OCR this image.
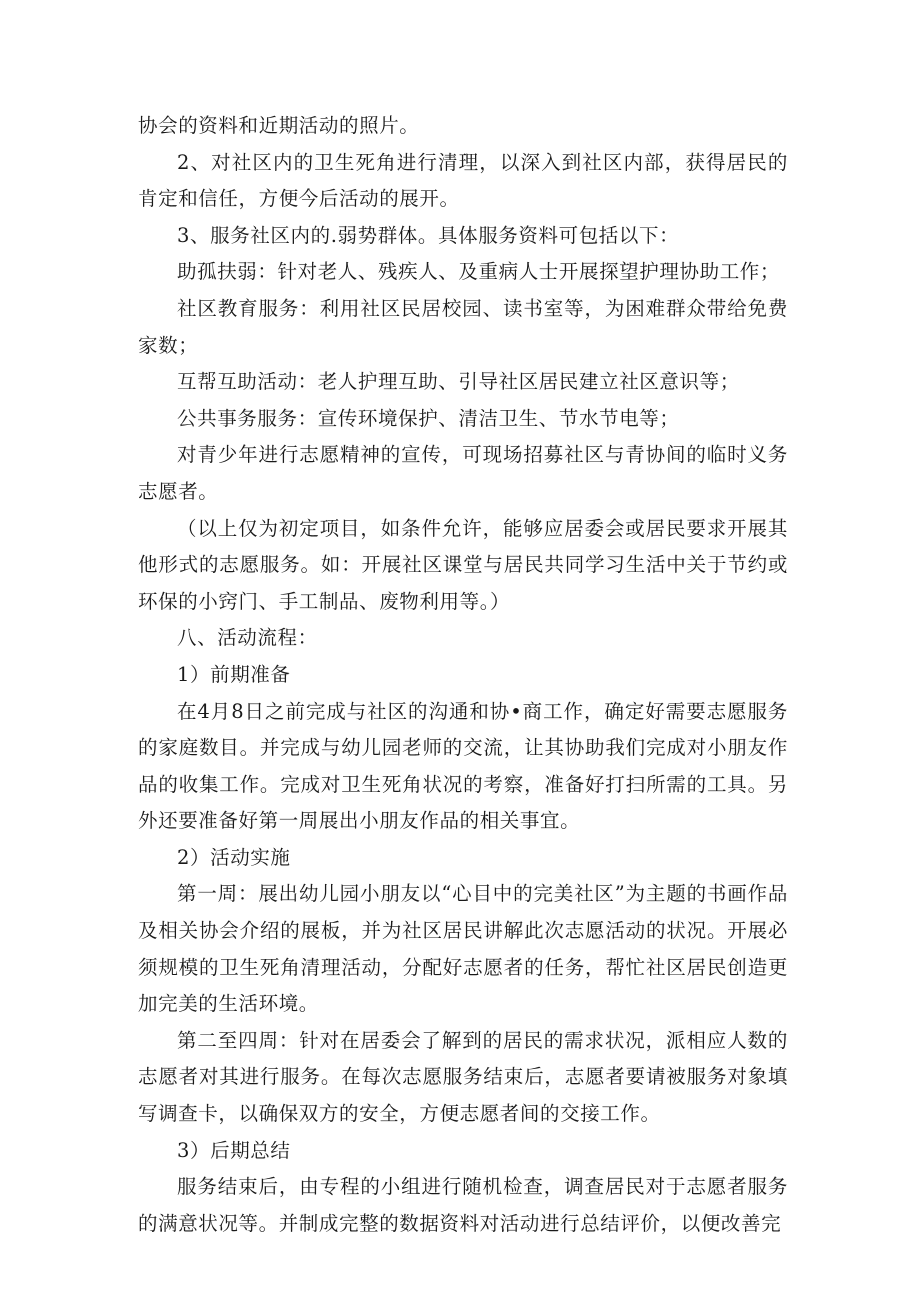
协会的资料和近期活动的照片。

2、对社区内的卫生死角进行清理，以深入到社区内部，获得居民的肯定和信任，方便今后活动的展开。

3、服务社区内的.弱势群体。具体服务资料可包括以下：

助孤扶弱：针对老人、残疾人、及重病人士开展探望护理协助工作；

社区教育服务：利用社区民居校园、读书室等，为困难群众带给免费家数；

互帮互助活动：老人护理互助、引导社区居民建立社区意识等；

公共事务服务：宣传环境保护、清洁卫生、节水节电等；

对青少年进行志愿精神的宣传，可现场招募社区与青协间的临时义务志愿者。

（以上仅为初定项目，如条件允许，能够应居委会或居民要求开展其他形式的志愿服务。如：开展社区课堂与居民共同学习生活中关于节约或环保的小窍门、手工制品、废物利用等。）

八、活动流程：

1）前期准备

在4月8日之前完成与社区的沟通和协•商工作，确定好需要志愿服务的家庭数目。并完成与幼儿园老师的交流，让其协助我们完成对小朋友作品的收集工作。完成对卫生死角状况的考察，准备好打扫所需的工具。另外还要准备好第一周展出小朋友作品的相关事宜。

2）活动实施

第一周：展出幼儿园小朋友以“心目中的完美社区”为主题的书画作品及相关协会介绍的展板，并为社区居民讲解此次志愿活动的状况。开展必须规模的卫生死角清理活动，分配好志愿者的任务，帮忙社区居民创造更加完美的生活环境。

第二至四周：针对在居委会了解到的居民的需求状况，派相应人数的志愿者对其进行服务。在每次志愿服务结束后，志愿者要请被服务对象填写调查卡，以确保双方的安全，方便志愿者间的交接工作。

3）后期总结

服务结束后，由专程的小组进行随机检查，调查居民对于志愿者服务的满意状况等。并制成完整的数据资料对活动进行总结评价，以便改善完
